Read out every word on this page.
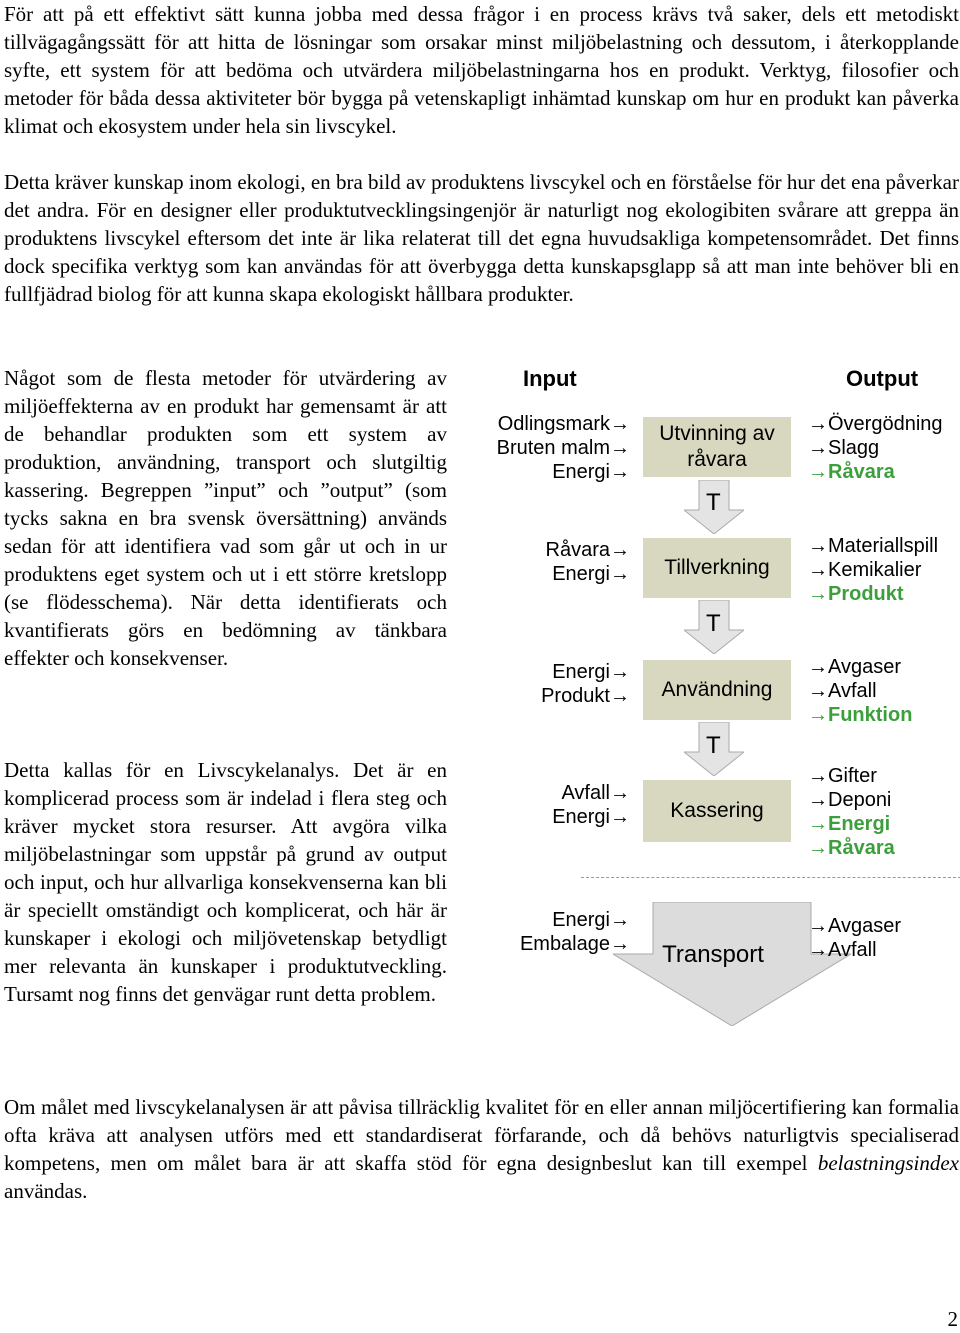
För att på ett effektivt sätt kunna jobba med dessa frågor i en process krävs två saker, dels ett metodiskt tillvägagångssätt för att hitta de lösningar som orsakar minst miljöbelastning och dessutom, i återkopplande syfte, ett system för att bedöma och utvärdera miljöbelastningarna hos en produkt. Verktyg, filosofier och metoder för båda dessa aktiviteter bör bygga på vetenskapligt inhämtad kunskap om hur en produkt kan påverka klimat och ekosystem under hela sin livscykel.

Detta kräver kunskap inom ekologi, en bra bild av produktens livscykel och en förståelse för hur det ena påverkar det andra. För en designer eller produktutvecklingsingenjör är naturligt nog ekologibiten svårare att greppa än produktens livscykel eftersom det inte är lika relaterat till det egna huvudsakliga kompetensområdet. Det finns dock specifika verktyg som kan användas för att överbygga detta kunskapsglapp så att man inte behöver bli en fullfjädrad biolog för att kunna skapa ekologiskt hållbara produkter.

Något som de flesta metoder för utvärdering av miljöeffekterna av en produkt har gemensamt är att de behandlar produkten som ett system av produktion, användning, transport och slutgiltig kassering. Begreppen ”input” och ”output” (som tycks sakna en bra svensk översättning) används sedan för att identifiera vad som går ut och in ur produktens eget system och ut i ett större kretslopp (se flödesschema). När detta identifierats och kvantifierats görs en bedömning av tänkbara effekter och konsekvenser.

Detta kallas för en Livscykelanalys. Det är en komplicerad process som är indelad i flera steg och kräver mycket stora resurser. Att avgöra vilka miljöbelastningar som uppstår på grund av output och input, och hur allvarliga konsekvenserna kan bli är speciellt omständigt och komplicerat, och här är kunskaper i ekologi och miljövetenskap betydligt mer relevanta än kunskaper i produktutveckling. Tursamt nog finns det genvägar runt detta problem.

Om målet med livscykelanalysen är att påvisa tillräcklig kvalitet för en eller annan miljöcertifiering kan formalia ofta kräva att analysen utförs med ett standardiserat förfarande, och då behövs naturligtvis specialiserad kompetens, men om målet bara är att skaffa stöd för egna designbeslut kan till exempel belastningsindex användas.

Input	Output
Odlingsmark→
Bruten malm→
Energi→
Utvinning av råvara
→Övergödning
→Slagg
→Råvara
T
Råvara→
Energi→	Tillverkning
→Materiallspill
→Kemikalier
→Produkt
T
Energi→
Produkt→	Användning
→Avgaser
→Avfall
→Funktion
T
Avfall→
Energi→	Kassering
→Gifter
→Deponi
→Energi
→Råvara
Transport
Energi→
Embalage→
→Avgaser
→Avfall
2
